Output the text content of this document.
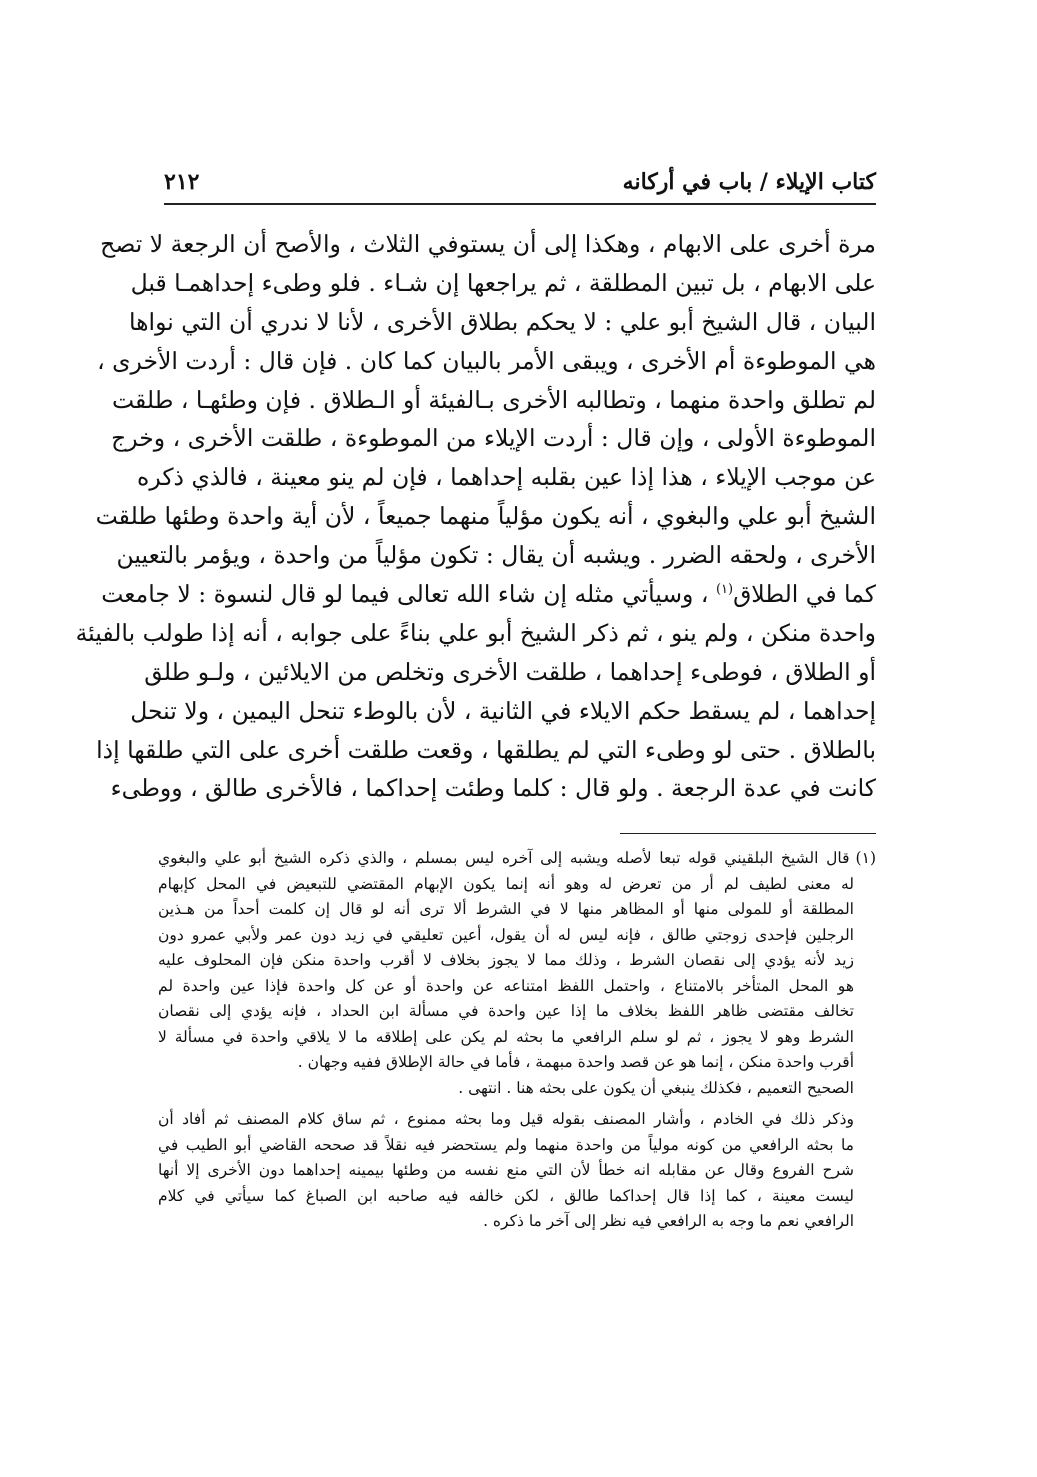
كتاب الإيلاء / باب في أركانه
٢١٢
مرة أخرى على الابهام ، وهكذا إلى أن يستوفي الثلاث ، والأصح أن الرجعة لا تصح
على الابهام ، بل تبين المطلقة ، ثم يراجعها إن شـاء . فلو وطىء إحداهمـا قبل
البيان ، قال الشيخ أبو علي : لا يحكم بطلاق الأخرى ، لأنا لا ندري أن التي نواها
هي الموطوءة أم الأخرى ، ويبقى الأمر بالبيان كما كان . فإن قال : أردت الأخرى ،
لم تطلق واحدة منهما ، وتطالبه الأخرى بـالفيئة أو الـطلاق . فإن وطئهـا ، طلقت
الموطوءة الأولى ، وإن قال : أردت الإيلاء من الموطوءة ، طلقت الأخرى ، وخرج
عن موجب الإيلاء ، هذا إذا عين بقلبه إحداهما ، فإن لم ينو معينة ، فالذي ذكره
الشيخ أبو علي والبغوي ، أنه يكون مؤلياً منهما جميعاً ، لأن أية واحدة وطئها طلقت
الأخرى ، ولحقه الضرر . ويشبه أن يقال : تكون مؤلياً من واحدة ، ويؤمر بالتعيين
كما في الطلاق$^{(١)}$ ، وسيأتي مثله إن شاء الله تعالى فيما لو قال لنسوة : لا جامعت
واحدة منكن ، ولم ينو ، ثم ذكر الشيخ أبو علي بناءً على جوابه ، أنه إذا طولب بالفيئة
أو الطلاق ، فوطىء إحداهما ، طلقت الأخرى وتخلص من الايلائين ، ولـو طلق
إحداهما ، لم يسقط حكم الايلاء في الثانية ، لأن بالوطء تنحل اليمين ، ولا تنحل
بالطلاق . حتى لو وطىء التي لم يطلقها ، وقعت طلقت أخرى على التي طلقها إذا
كانت في عدة الرجعة . ولو قال : كلما وطئت إحداكما ، فالأخرى طالق ، ووطىء
(١)قال الشيخ البلقيني قوله تبعا لأصله ويشبه إلى آخره ليس بمسلم ، والذي ذكره الشيخ أبو علي والبغوي
له معنى لطيف لم أر من تعرض له وهو أنه إنما يكون الإبهام المقتضي للتبعيض في المحل كإبهام
المطلقة أو للمولى منها أو المظاهر منها لا في الشرط ألا ترى أنه لو قال إن كلمت أحداً من هـذين
الرجلين فإحدى زوجتي طالق ، فإنه ليس له أن يقول، أعين تعليقي في زيد دون عمر ولأبي عمرو دون
زيد لأنه يؤدي إلى نقصان الشرط ، وذلك مما لا يجوز بخلاف لا أقرب واحدة منكن فإن المحلوف عليه
هو المحل المتأخر بالامتناع ، واحتمل اللفظ امتناعه عن واحدة أو عن كل واحدة فإذا عين واحدة لم
تخالف مقتضى ظاهر اللفظ بخلاف ما إذا عين واحدة في مسألة ابن الحداد ، فإنه يؤدي إلى نقصان
الشرط وهو لا يجوز ، ثم لو سلم الرافعي ما بحثه لم يكن على إطلاقه ما لا يلاقي واحدة في مسألة لا
أقرب واحدة منكن ، إنما هو عن قصد واحدة مبهمة ، فأما في حالة الإطلاق ففيه وجهان .
الصحيح التعميم ، فكذلك ينبغي أن يكون على بحثه هنا . انتهى .
وذكر ذلك في الخادم ، وأشار المصنف بقوله قيل وما بحثه ممنوع ، ثم ساق كلام المصنف ثم أفاد أن
ما بحثه الرافعي من كونه مولياً من واحدة منهما ولم يستحضر فيه نقلاً قد صححه القاضي أبو الطيب في
شرح الفروع وقال عن مقابله انه خطأ لأن التي منع نفسه من وطئها بيمينه إحداهما دون الأخرى إلا أنها
ليست معينة ، كما إذا قال إحداكما طالق ، لكن خالفه فيه صاحبه ابن الصباغ كما سيأتي في كلام
الرافعي نعم ما وجه به الرافعي فيه نظر إلى آخر ما ذكره .
